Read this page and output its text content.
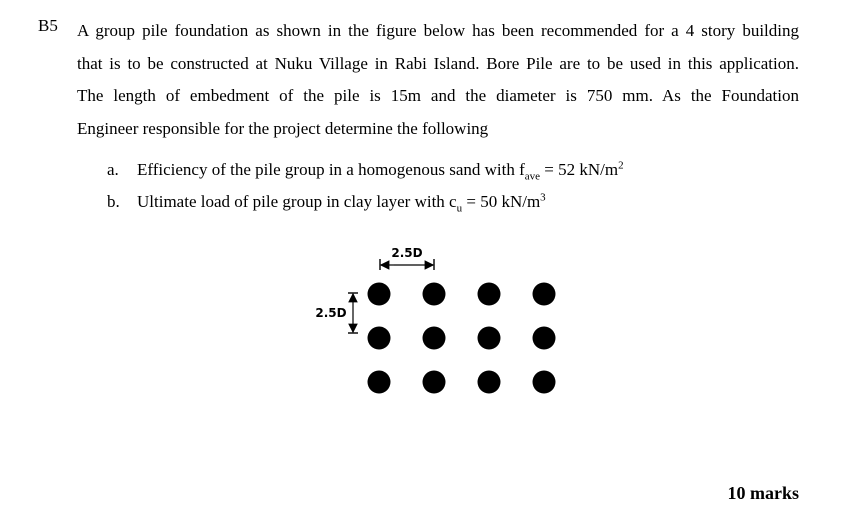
B5 A group pile foundation as shown in the figure below has been recommended for a 4 story building
that is to be constructed at Nuku Village in Rabi Island. Bore Pile are to be used in this application.
The length of embedment of the pile is 15m and the diameter is 750 mm. As the Foundation
Engineer responsible for the project determine the following
a. Efficiency of the pile group in a homogenous sand with $f_{ave} = 52$ $kN/m^2$
b. Ultimate load of pile group in clay layer with $c_u = 50$ $kN/m^3$
2.5D
2.5D
10 marks
